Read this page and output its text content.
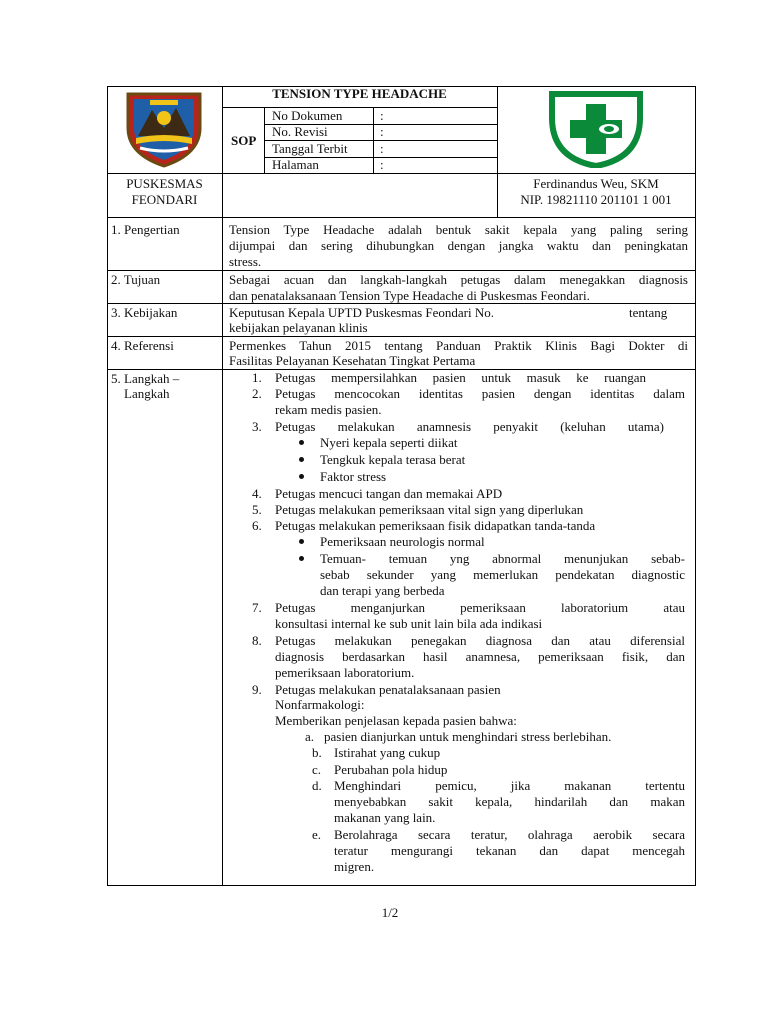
TENSION TYPE HEADACHE
SOP
No Dokumen	:
No. Revisi	:
Tanggal Terbit :
Halaman	:
PUSKESMAS
FEONDARI
Ferdinandus Weu, SKM
NIP. 19821110 201101 1 001
1. Pengertian	Tension Type Headache adalah bentuk sakit kepala yang paling sering
dijumpai dan sering dihubungkan dengan jangka waktu dan peningkatan
stress.
2. Tujuan	Sebagai acuan dan langkah-langkah petugas dalam menegakkan diagnosis
dan penatalaksanaan Tension Type Headache di Puskesmas Feondari.
3. Kebijakan	Keputusan Kepala UPTD Puskesmas Feondari No.	tentang
kebijakan pelayanan klinis
4. Referensi	Permenkes Tahun 2015 tentang Panduan Praktik Klinis Bagi Dokter di
Fasilitas Pelayanan Kesehatan Tingkat Pertama
5. Langkah –
Langkah
1. Petugas mempersilahkan pasien untuk masuk ke ruangan
2. Petugas mencocokan identitas pasien dengan identitas dalam
rekam medis pasien.
3. Petugas melakukan anamnesis penyakit (keluhan utama)
Nyeri kepala seperti diikat
Tengkuk kepala terasa berat
Faktor stress
4. Petugas mencuci tangan dan memakai APD
5. Petugas melakukan pemeriksaan vital sign yang diperlukan
6. Petugas melakukan pemeriksaan fisik didapatkan tanda-tanda
Pemeriksaan neurologis normal
Temuan- temuan yng abnormal menunjukan sebab-
sebab sekunder yang memerlukan pendekatan diagnostic
dan terapi yang berbeda
7. Petugas menganjurkan pemeriksaan laboratorium atau
konsultasi internal ke sub unit lain bila ada indikasi
8. Petugas melakukan penegakan diagnosa dan atau diferensial
diagnosis berdasarkan hasil anamnesa, pemeriksaan fisik, dan
pemeriksaan laboratorium.
9. Petugas melakukan penatalaksanaan pasien
Nonfarmakologi:
Memberikan penjelasan kepada pasien bahwa:
a. pasien dianjurkan untuk menghindari stress berlebihan.
b. Istirahat yang cukup
c. Perubahan pola hidup
d. Menghindari pemicu, jika makanan tertentu
menyebabkan sakit kepala, hindarilah dan makan
makanan yang lain.
e. Berolahraga secara teratur, olahraga aerobik secara
teratur mengurangi tekanan dan dapat mencegah
migren.
1/2
